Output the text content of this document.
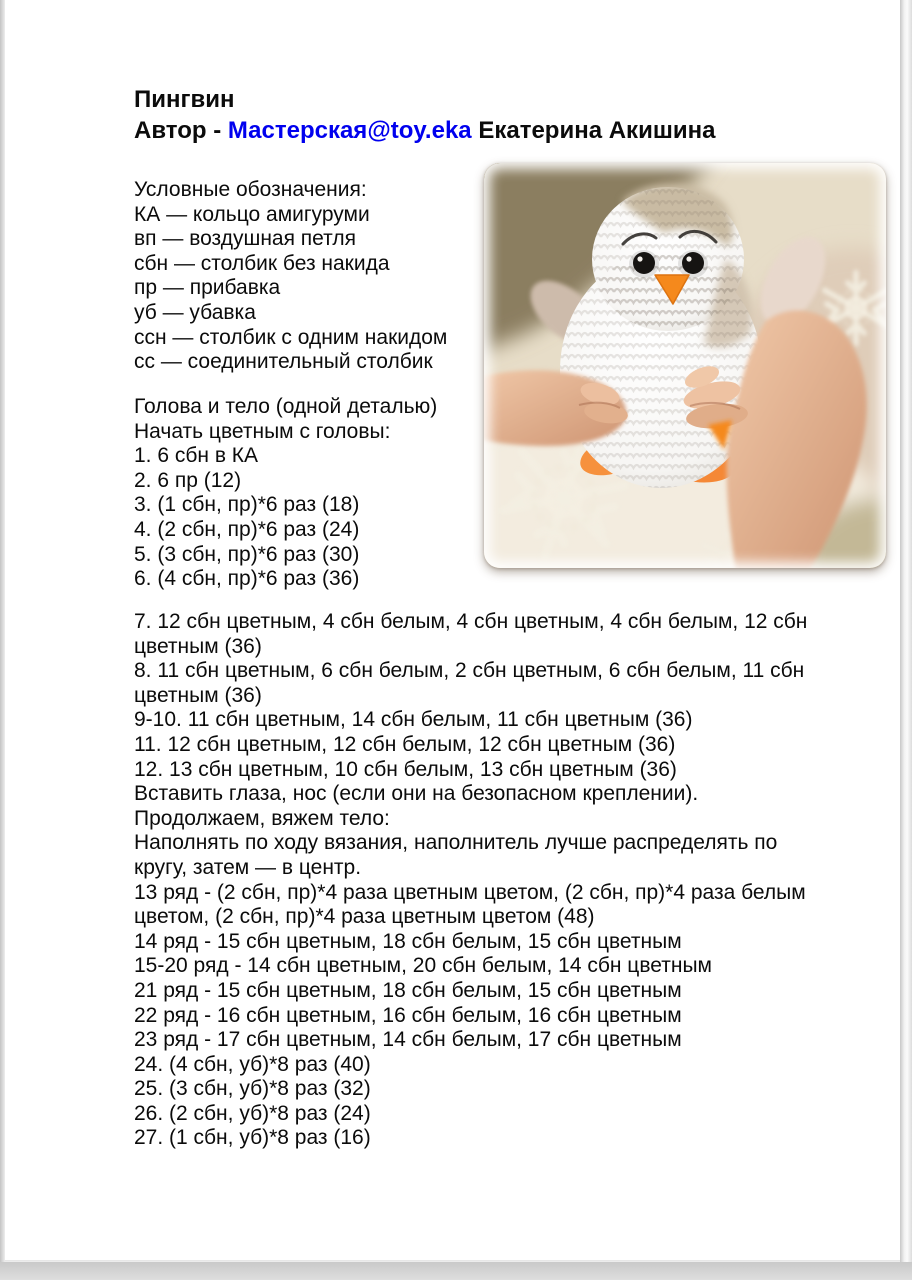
Пингвин
Автор - Мастерская@toy.eka Екатерина Акишина
Условные обозначения:
КА — кольцо амигуруми
вп — воздушная петля
сбн — столбик без накида
пр — прибавка
уб — убавка
ссн — столбик с одним накидом
сс — соединительный столбик
Голова и тело (одной деталью)
Начать цветным с головы:
1. 6 сбн в КА
2. 6 пр (12)
3. (1 сбн, пр)*6 раз (18)
4. (2 сбн, пр)*6 раз (24)
5. (3 сбн, пр)*6 раз (30)
6. (4 сбн, пр)*6 раз (36)

7. 12 сбн цветным, 4 сбн белым, 4 сбн цветным, 4 сбн белым, 12 сбн цветным (36)

8. 11 сбн цветным, 6 сбн белым, 2 сбн цветным, 6 сбн белым, 11 сбн цветным (36)

9-10. 11 сбн цветным, 14 сбн белым, 11 сбн цветным (36)

11. 12 сбн цветным, 12 сбн белым, 12 сбн цветным (36)

12. 13 сбн цветным, 10 сбн белым, 13 сбн цветным (36)

Вставить глаза, нос (если они на безопасном креплении).

Продолжаем, вяжем тело:

Наполнять по ходу вязания, наполнитель лучше распределять по кругу, затем — в центр.

13 ряд - (2 сбн, пр)*4 раза цветным цветом, (2 сбн, пр)*4 раза белым цветом, (2 сбн, пр)*4 раза цветным цветом (48)

14 ряд - 15 сбн цветным, 18 сбн белым, 15 сбн цветным

15-20 ряд - 14 сбн цветным, 20 сбн белым, 14 сбн цветным

21 ряд - 15 сбн цветным, 18 сбн белым, 15 сбн цветным

22 ряд - 16 сбн цветным, 16 сбн белым, 16 сбн цветным

23 ряд - 17 сбн цветным, 14 сбн белым, 17 сбн цветным

24. (4 сбн, уб)*8 раз (40)

25. (3 сбн, уб)*8 раз (32)

26. (2 сбн, уб)*8 раз (24)

27. (1 сбн, уб)*8 раз (16)
